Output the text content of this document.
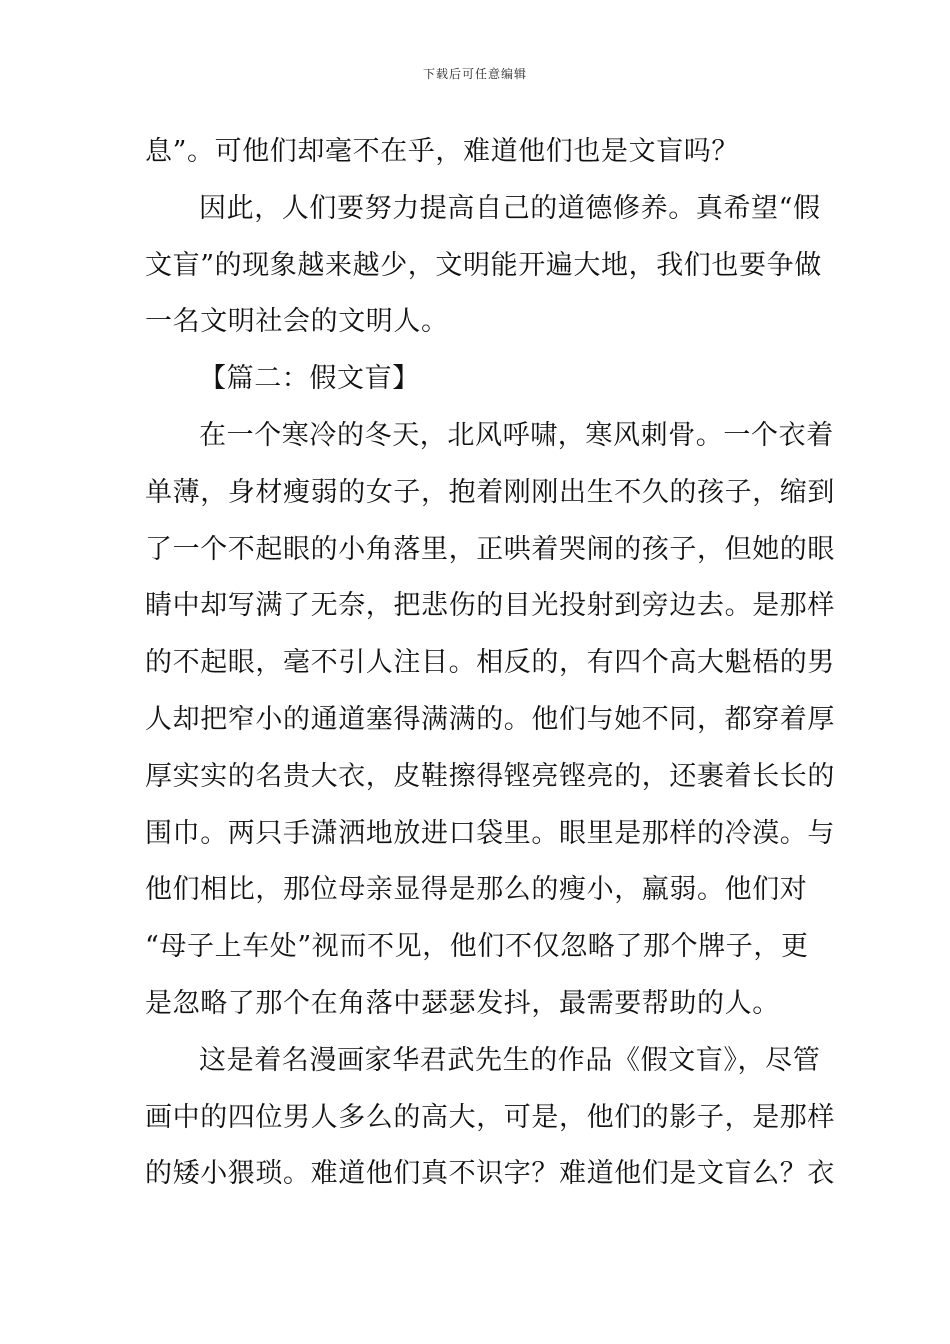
下载后可任意编辑
息”。可他们却毫不在乎，难道他们也是文盲吗？
因此，人们要努力提高自己的道德修养。真希望“假
文盲”的现象越来越少，文明能开遍大地，我们也要争做
一名文明社会的文明人。
【篇二：假文盲】
在一个寒冷的冬天，北风呼啸，寒风刺骨。一个衣着
单薄，身材瘦弱的女子，抱着刚刚出生不久的孩子，缩到
了一个不起眼的小角落里，正哄着哭闹的孩子，但她的眼
睛中却写满了无奈，把悲伤的目光投射到旁边去。是那样
的不起眼，毫不引人注目。相反的，有四个高大魁梧的男
人却把窄小的通道塞得满满的。他们与她不同，都穿着厚
厚实实的名贵大衣，皮鞋擦得铿亮铿亮的，还裹着长长的
围巾。两只手潇洒地放进口袋里。眼里是那样的冷漠。与
他们相比，那位母亲显得是那么的瘦小，羸弱。他们对
“母子上车处”视而不见，他们不仅忽略了那个牌子，更
是忽略了那个在角落中瑟瑟发抖，最需要帮助的人。
这是着名漫画家华君武先生的作品《假文盲》，尽管
画中的四位男人多么的高大，可是，他们的影子，是那样
的矮小猥琐。难道他们真不识字？难道他们是文盲么？衣
